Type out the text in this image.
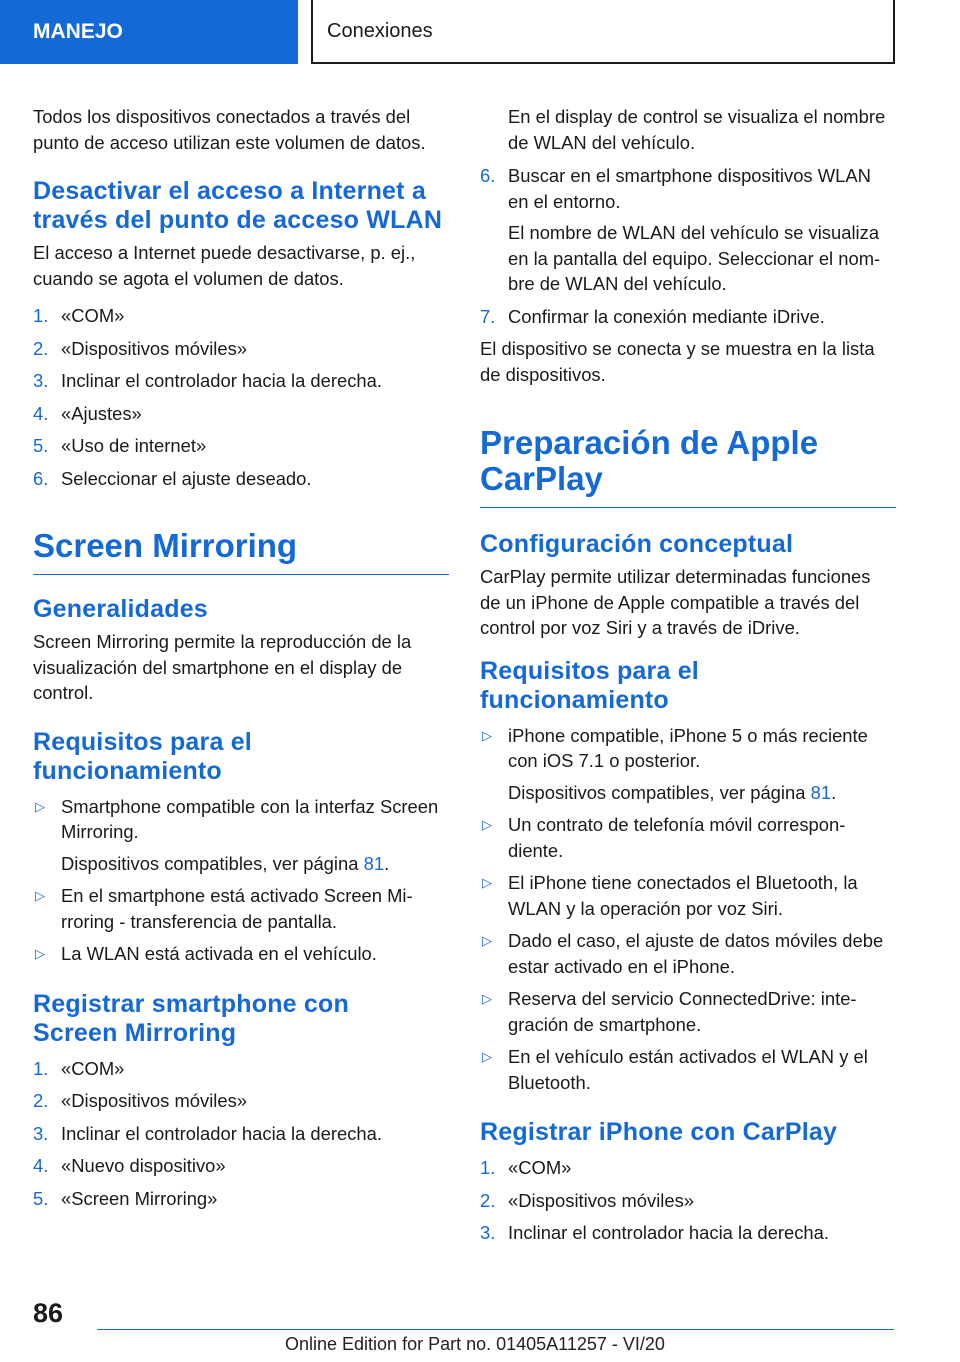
MANEJO	Conexiones

Todos los dispositivos conectados a través del punto de acceso utilizan este volumen de datos.

Desactivar el acceso a Internet a través del punto de acceso WLAN

El acceso a Internet puede desactivarse, p. ej., cuando se agota el volumen de datos.

1. «COM»
2. «Dispositivos móviles»
3. Inclinar el controlador hacia la derecha.
4. «Ajustes»
5. «Uso de internet»
6. Seleccionar el ajuste deseado.
Screen Mirroring
Generalidades

Screen Mirroring permite la reproducción de la visualización del smartphone en el display de control.

Requisitos para el funcionamiento
▷ Smartphone compatible con la interfaz Screen Mirroring.

Dispositivos compatibles, ver página 81.

▷ En el smartphone está activado Screen Mi-rroring - transferencia de pantalla.
▷ La WLAN está activada en el vehículo.
Registrar smartphone con Screen Mirroring
1. «COM»
2. «Dispositivos móviles»
3. Inclinar el controlador hacia la derecha.
4. «Nuevo dispositivo»
5. «Screen Mirroring»

En el display de control se visualiza el nombre de WLAN del vehículo.

6. Buscar en el smartphone dispositivos WLAN en el entorno.

El nombre de WLAN del vehículo se visualiza en la pantalla del equipo. Seleccionar el nom-bre de WLAN del vehículo.

7. Confirmar la conexión mediante iDrive.

El dispositivo se conecta y se muestra en la lista de dispositivos.

Preparación de Apple CarPlay
Configuración conceptual

CarPlay permite utilizar determinadas funciones de un iPhone de Apple compatible a través del control por voz Siri y a través de iDrive.

Requisitos para el funcionamiento
▷ iPhone compatible, iPhone 5 o más reciente con iOS 7.1 o posterior.

Dispositivos compatibles, ver página 81.

▷ Un contrato de telefonía móvil correspon-diente.
▷ El iPhone tiene conectados el Bluetooth, la WLAN y la operación por voz Siri.
▷ Dado el caso, el ajuste de datos móviles debe estar activado en el iPhone.
▷ Reserva del servicio ConnectedDrive: inte-gración de smartphone.
▷ En el vehículo están activados el WLAN y el Bluetooth.
Registrar iPhone con CarPlay
1. «COM»
2. «Dispositivos móviles»
3. Inclinar el controlador hacia la derecha.
86
Online Edition for Part no. 01405A11257 - VI/20
